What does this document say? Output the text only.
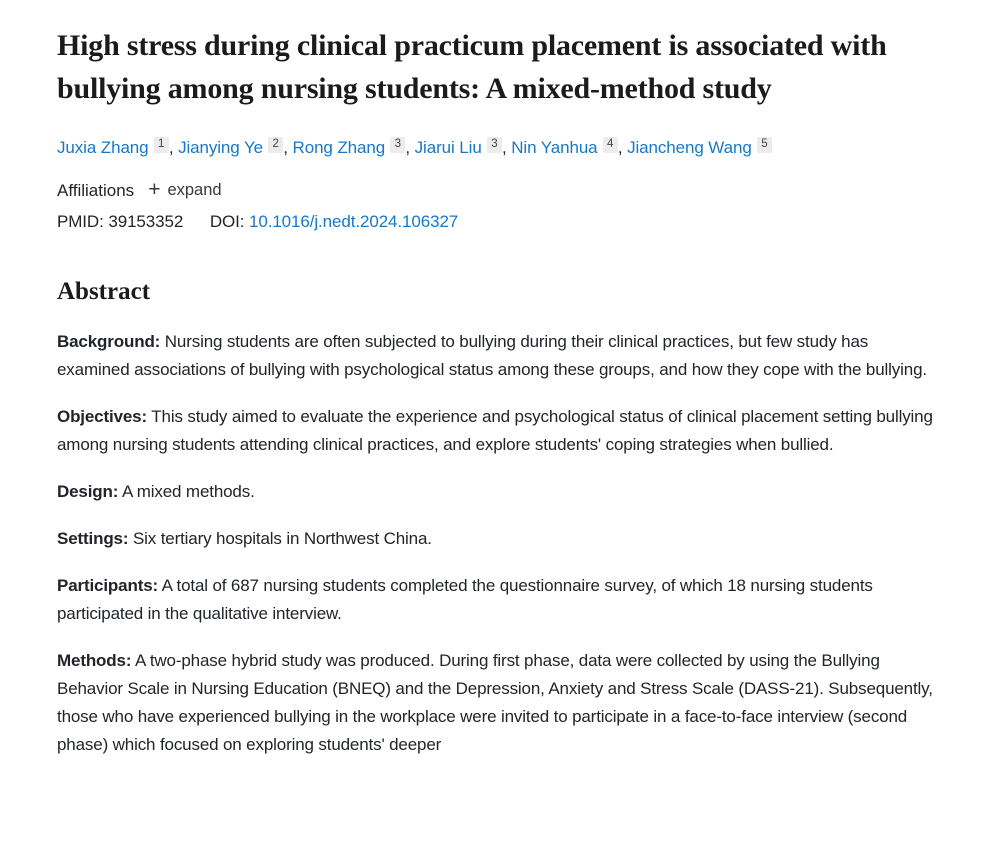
High stress during clinical practicum placement is associated with bullying among nursing students: A mixed-method study
Juxia Zhang 1 , Jianying Ye 2 , Rong Zhang 3 , Jiarui Liu 3 , Nin Yanhua 4 , Jiancheng Wang 5
Affiliations + expand
PMID: 39153352 DOI: 10.1016/j.nedt.2024.106327
Abstract

Background: Nursing students are often subjected to bullying during their clinical practices, but few study has examined associations of bullying with psychological status among these groups, and how they cope with the bullying.

Objectives: This study aimed to evaluate the experience and psychological status of clinical placement setting bullying among nursing students attending clinical practices, and explore students' coping strategies when bullied.

Design: A mixed methods.

Settings: Six tertiary hospitals in Northwest China.

Participants: A total of 687 nursing students completed the questionnaire survey, of which 18 nursing students participated in the qualitative interview.

Methods: A two-phase hybrid study was produced. During first phase, data were collected by using the Bullying Behavior Scale in Nursing Education (BNEQ) and the Depression, Anxiety and Stress Scale (DASS-21). Subsequently, those who have experienced bullying in the workplace were invited to participate in a face-to-face interview (second phase) which focused on exploring students' deeper
